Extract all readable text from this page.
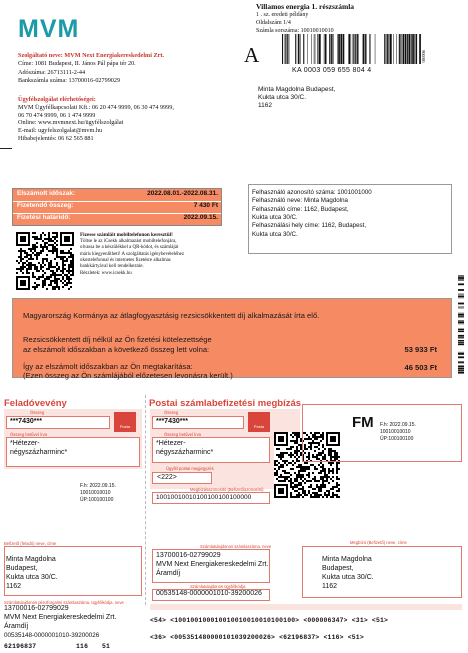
MVM
Villamos energia 1. részszámla
1 . sz. eredeti példány
Oldalszám 1/4
Számla sorszáma: 10010010010
A
KA 0003 059 655 804 4
900/00

Szolgáltató neve: MVM Next Energiakereskedelmi Zrt.

Címe: 1081 Budapest, II. János Pál pápa tér 20.

Adószáma: 26713111-2-44

Bankszámla száma: 13700016-02799029

Ügyfélszolgálat elérhetőségei:

MVM Ügyfélkapcsolati Kft.: 06 20 474 9999, 06 30 474 9999,

06 70 474 9999, 06 1 474 9999

Online: www.mvmnext.hu/ügyfélszolgálat

E-mail: ugyfelszolgalat@mvm.hu

Hibabejelentés: 06 62 565 881

Minta Magdolna Budapest,

Kukta utca 30/C.

1162

Elszámolt időszak:	2022.08.01.-2022.08.31.
Fizetendő összeg:	7 430 Ft
Fizetési határidő:	2022.09.15.

Felhasználó azonosító száma: 1001001000

Felhasználó neve: Minta Magdolna

Felhasználó címe: 1162, Budapest,

Kukta utca 30/C.

Felhasználási hely címe: 1162, Budapest,

Kukta utca 30/C.

Fizesse számláit mobiltelefonon keresztül!

Töltse le az iCsekk alkalmazást mobiltelefonjára,

olvassa be a készülékkel a QR-kódot, és számláját

máris kiegyenlítheti! A szolgáltatás igénybevételéhez

okostelefonnal és internetes fizetésre alkalmas

bankkártyával kell rendelkeznie.

Részletek: www.icsekk.hu

Magyarország Kormánya az átlagfogyasztásig rezsicsökkentett díj alkalmazását írta elő.
Rezsicsökkentett díj nélkül az Ön fizetési kötelezettsége
az elszámolt időszakban a következő összeg lett volna:	53 933 Ft
Így az elszámolt időszakban az Ön megtakarítása:
(Ezen összeg az Ön számlájából előzetesen levonásra került.)
46 503 Ft
Feladóvevény
Összeg
***7430***
Posta
Összeg betűvel írva
*Hétezer-
négyszázharminc*
F.h: 2022.09.15.
10010010010
ÜP:100100100
Befizető (feladó) neve, címe
Minta Magdolna
Budapest,
Kukta utca 30/C.
1162
Számlatulajdonos pénzforgalmi számlaszáma, ügyfélkódja, neve
13700016-02799029
MVM Next Energiakereskedelmi Zrt.
Áramdíj
00535148-0000001010-39200026
62196837	116 51
Postai számlabefizetési megbízás
Összeg
***7430***
Posta
Összeg betűvel írva
*Hétezer-
négyszázharminc*
Ügyfél postai megjegyzés
<222>
FM F.h: 2022.09.15.
10010010010
ÜP:100100100
Megbízásazonosító (Befizetőazonosító)
10010010010100100100100000
Számlatulajdonos számlaszáma, neve
13700016-02799029
MVM Next Energiakereskedelmi Zrt.
Áramdíj
Számlatulajdonos ügyfélkódja
00535148-0000001010-39200026
Megbízó (Befizető) neve, címe
Minta Magdolna
Budapest,
Kukta utca 30/C.
1162
<54> <100100100010010010010010100100> <000006347> <31> <51>
<36> <005351480000101039200026> <62196837> <116> <51>
